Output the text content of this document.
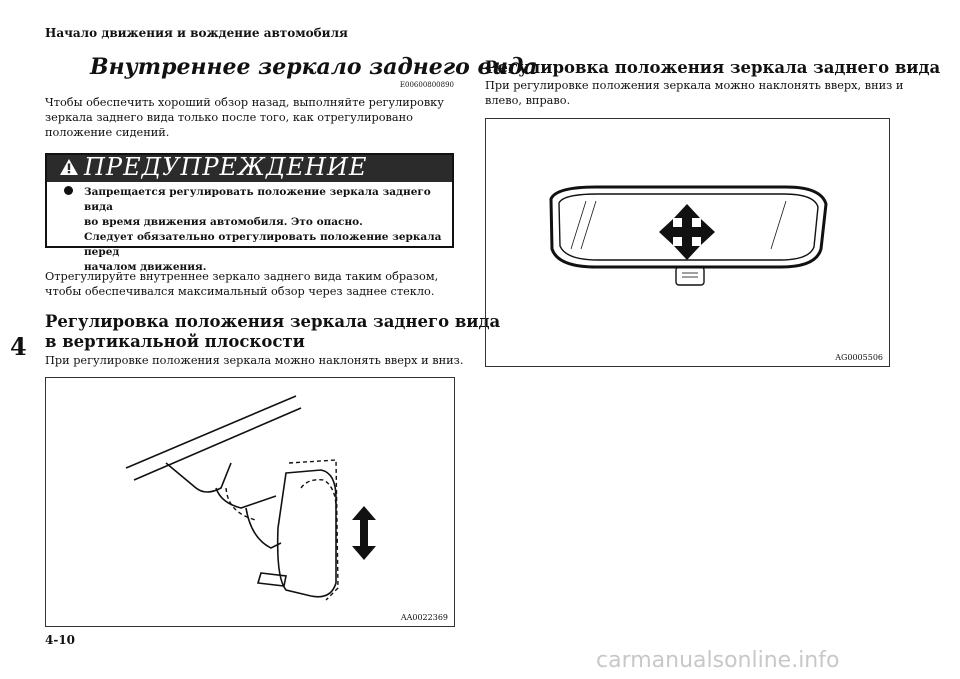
Начало движения и вождение автомобиля
Внутреннее зеркало заднего вида
E00600800890
Чтобы обеспечить хороший обзор назад, выполняйте регулировку
зеркала заднего вида только после того, как отрегулировано
положение сидений.
ПРЕДУПРЕЖДЕНИЕ
Запрещается регулировать положение зеркала заднего вида
во время движения автомобиля. Это опасно.
Следует обязательно отрегулировать положение зеркала перед
началом движения.
Отрегулируйте внутреннее зеркало заднего вида таким образом,
чтобы обеспечивался максимальный обзор через заднее стекло.
Регулировка положения зеркала заднего вида
в вертикальной плоскости
При регулировке положения зеркала можно наклонять вверх и вниз.
AA0022369
Регулировка положения зеркала заднего вида
При регулировке положения зеркала можно наклонять вверх, вниз и
влево, вправо.
AG0005506
4
4-10
carmanualsonline.info
